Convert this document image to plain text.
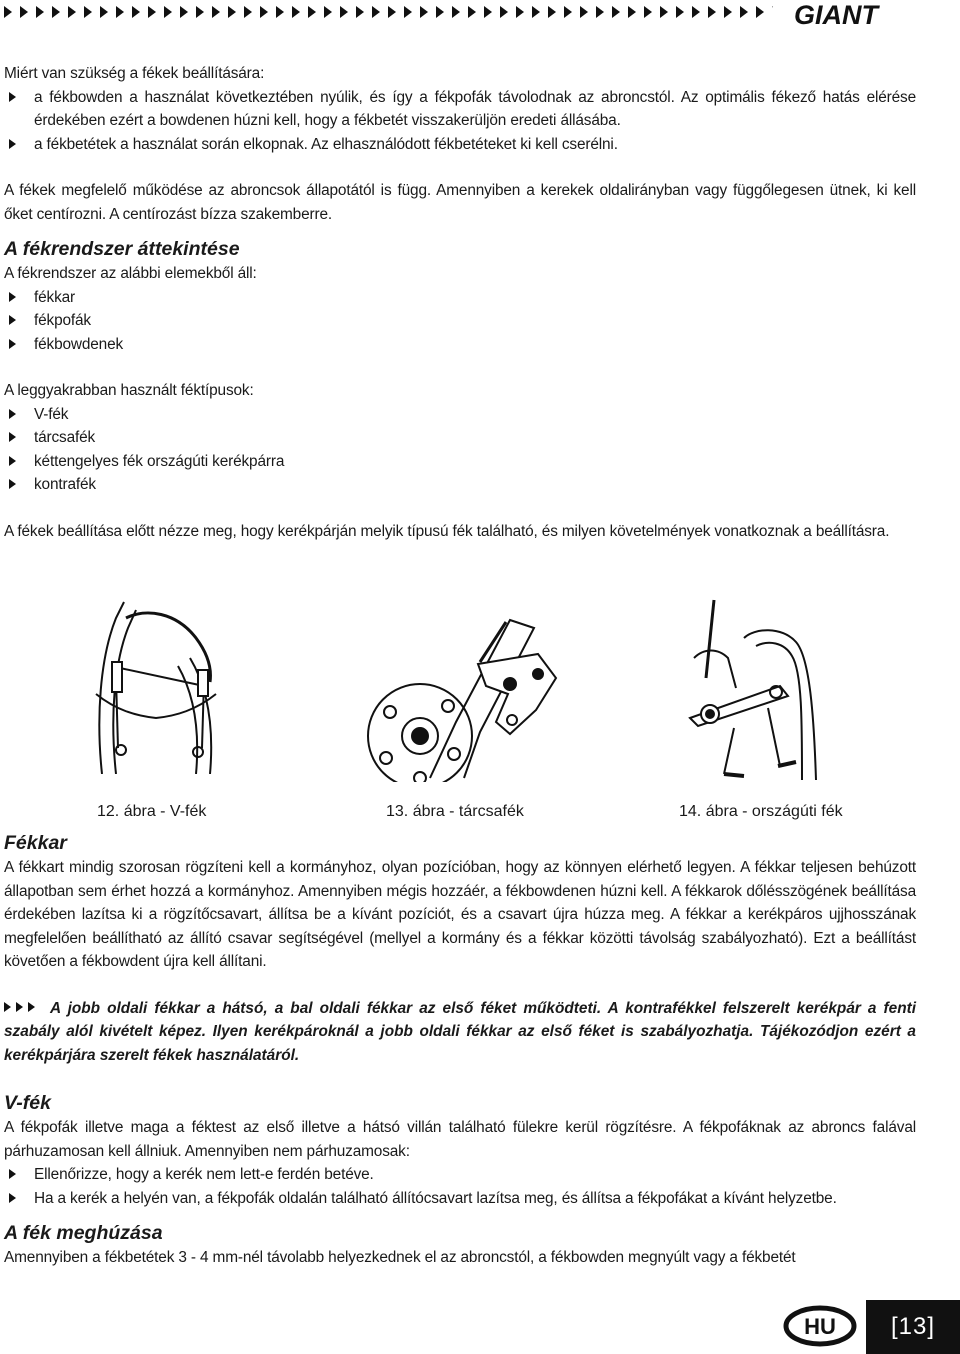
GIANT

Miért van szükség a fékek beállítására:

a fékbowden a használat következtében nyúlik, és így a fékpofák távolodnak az abroncstól. Az optimális fékező hatás elérése érdekében ezért a bowdenen húzni kell, hogy a fékbetét visszakerüljön eredeti állásába.

a fékbetétek a használat során elkopnak. Az elhasználódott fékbetéteket ki kell cserélni.

A fékek megfelelő működése az abroncsok állapotától is függ. Amennyiben a kerekek oldalirányban vagy függőlegesen ütnek, ki kell őket centírozni. A centírozást bízza szakemberre.

A fékrendszer áttekintése

A fékrendszer az alábbi elemekből áll:

fékkar

fékpofák

fékbowdenek

A leggyakrabban használt féktípusok:

V-fék

tárcsafék

kéttengelyes fék országúti kerékpárra

kontrafék

A fékek beállítása előtt nézze meg, hogy kerékpárján melyik típusú fék található, és milyen követelmények vonatkoznak a beállításra.

12. ábra - V-fék	13. ábra - tárcsafék	14. ábra - országúti fék
Fékkar

A fékkart mindig szorosan rögzíteni kell a kormányhoz, olyan pozícióban, hogy az könnyen elérhető legyen. A fékkar teljesen behúzott állapotban sem érhet hozzá a kormányhoz. Amennyiben mégis hozzáér, a fékbowdenen húzni kell. A fékkarok dőlésszögének beállítása érdekében lazítsa ki a rögzítőcsavart, állítsa be a kívánt pozíciót, és a csavart újra húzza meg. A fékkar a kerékpáros ujjhosszának megfelelően beállítható az állító csavar segítségével (mellyel a kormány és a fékkar közötti távolság szabályozható). Ezt a beállítást követően a fékbowdent újra kell állítani.

A jobb oldali fékkar a hátsó, a bal oldali fékkar az első féket működteti. A kontrafékkel felszerelt kerékpár a fenti szabály alól kivételt képez. Ilyen kerékpároknál a jobb oldali fékkar az első féket is szabályozhatja. Tájékozódjon ezért a kerékpárjára szerelt fékek használatáról.

V-fék

A fékpofák illetve maga a féktest az első illetve a hátsó villán található fülekre kerül rögzítésre. A fékpofáknak az abroncs falával párhuzamosan kell állniuk. Amennyiben nem párhuzamosak:

Ellenőrizze, hogy a kerék nem lett-e ferdén betéve.

Ha a kerék a helyén van, a fékpofák oldalán található állítócsavart lazítsa meg, és állítsa a fékpofákat a kívánt helyzetbe.

A fék meghúzása

Amennyiben a fékbetétek 3 - 4 mm-nél távolabb helyezkednek el az abroncstól, a fékbowden megnyúlt vagy a fékbetét

HU	[13]
